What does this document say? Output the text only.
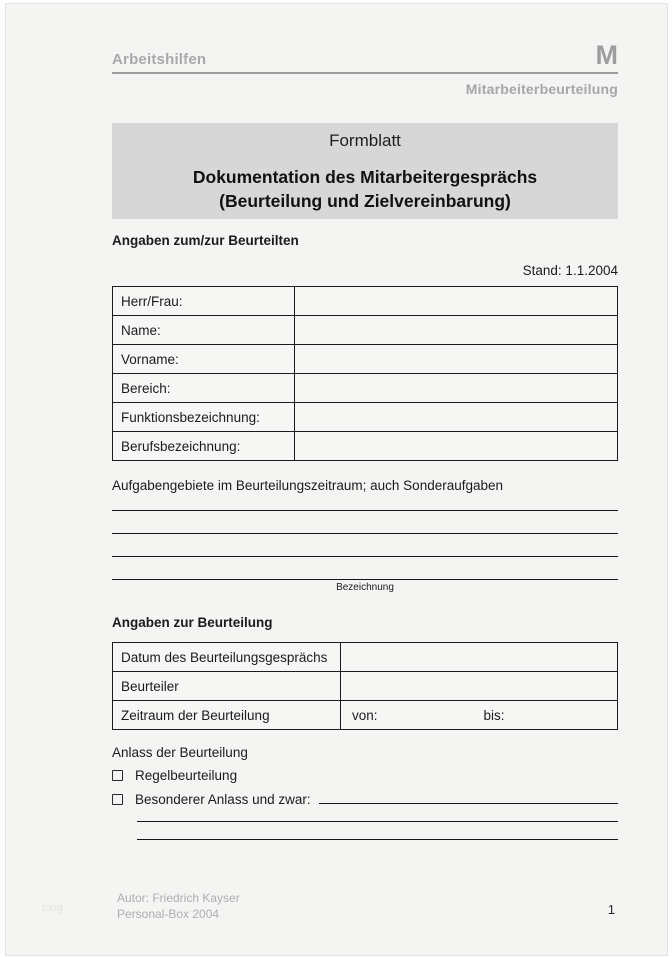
Arbeitshilfen	M
Mitarbeiterbeurteilung
Formblatt
Dokumentation des Mitarbeitergesprächs
(Beurteilung und Zielvereinbarung)
Angaben zum/zur Beurteilten
Stand: 1.1.2004
Herr/Frau:
Name:
Vorname:
Bereich:
Funktionsbezeichnung:
Berufsbezeichnung:
Aufgabengebiete im Beurteilungszeitraum; auch Sonderaufgaben
Bezeichnung
Angaben zur Beurteilung
Datum des Beurteilungsgesprächs
Beurteiler
Zeitraum der Beurteilung	von:	bis:
Anlass der Beurteilung
Regelbeurteilung
Besonderer Anlass und zwar:
Autor: Friedrich Kayser
Personal-Box 2004	1
blog
